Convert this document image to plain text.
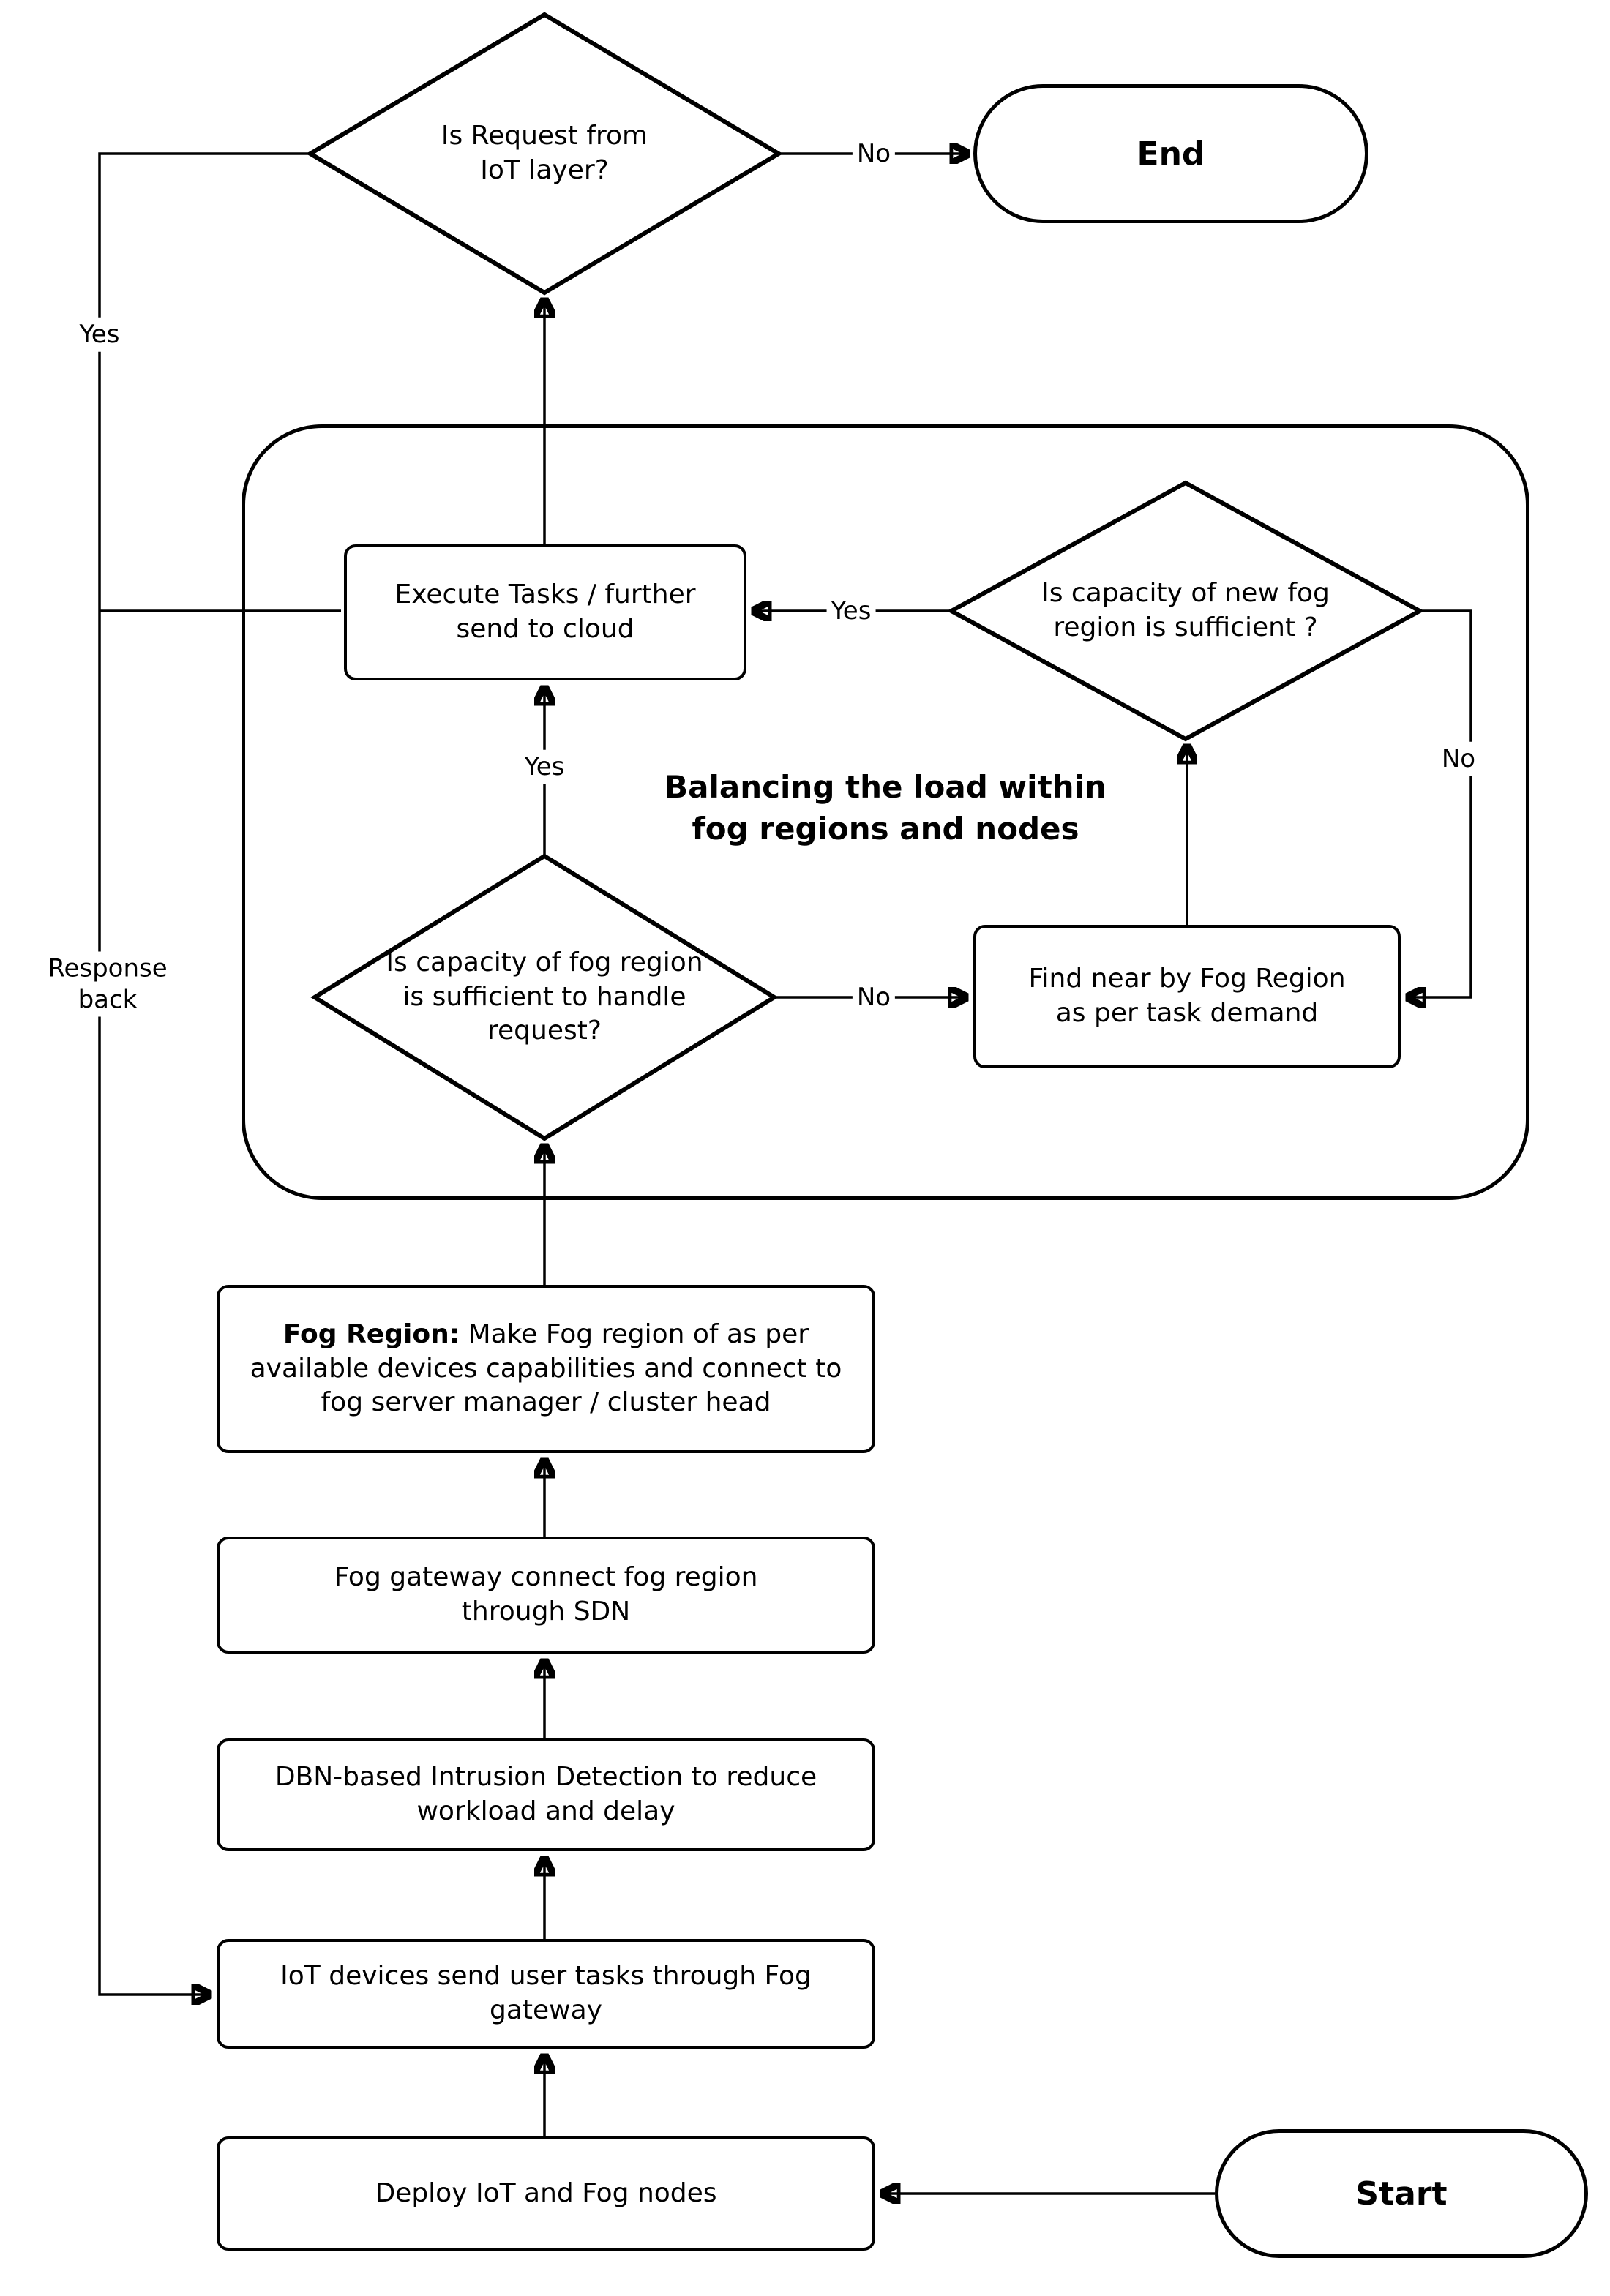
Balancing the load within fog regions and nodes
End
Start
Execute Tasks / further send to cloud
Find near by Fog Region as per task demand
Fog Region: Make Fog region of as per available devices capabilities and connect to fog server manager / cluster head
Fog gateway connect fog region through SDN
DBN-based Intrusion Detection to reduce workload and delay
IoT devices send user tasks through Fog gateway
Deploy IoT and Fog nodes
Is Request from IoT layer?
Is capacity of new fog region is sufficient ?
Is capacity of fog region is sufficient to handle request?
No
Yes
Response back
Yes
No
Yes
No
